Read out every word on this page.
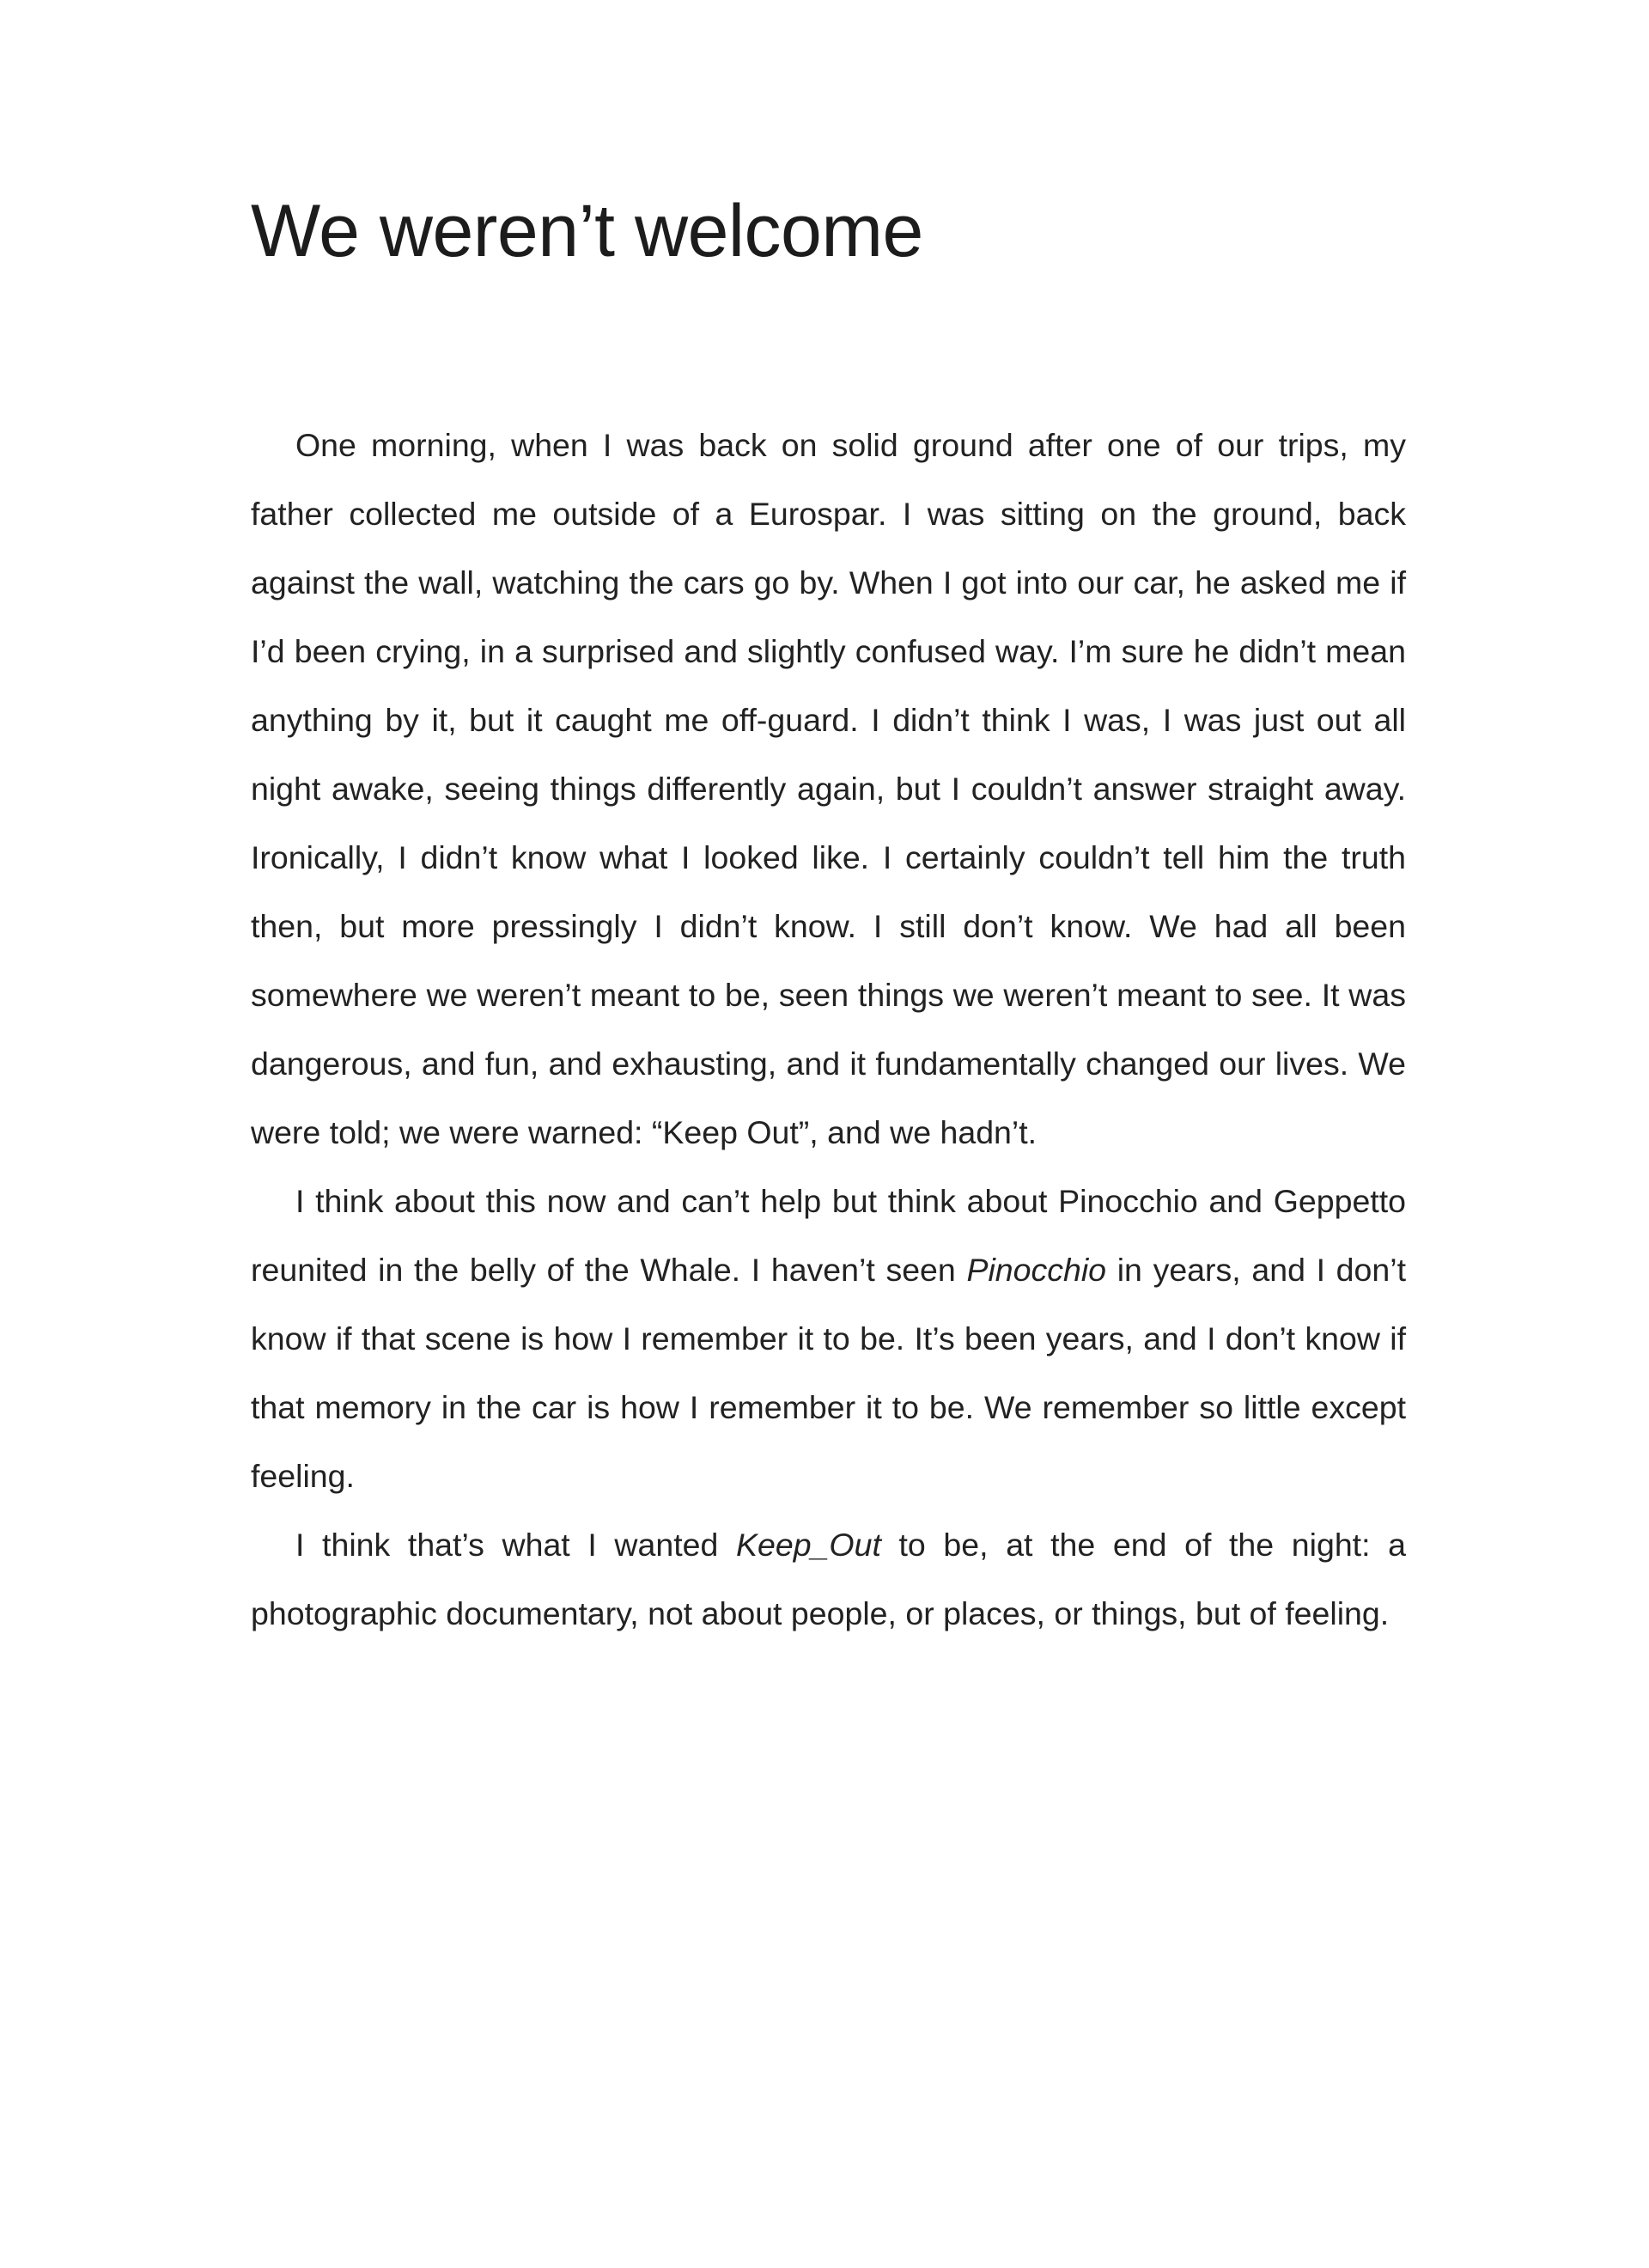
We weren’t welcome

One morning, when I was back on solid ground after one of our trips, my father collected me outside of a Eurospar. I was sitting on the ground, back against the wall, watching the cars go by. When I got into our car, he asked me if I’d been crying, in a surprised and slightly confused way. I’m sure he didn’t mean anything by it, but it caught me off-guard. I didn’t think I was, I was just out all night awake, seeing things differently again, but I couldn’t answer straight away. Ironically, I didn’t know what I looked like. I certainly couldn’t tell him the truth then, but more pressingly I didn’t know. I still don’t know. We had all been somewhere we weren’t meant to be, seen things we weren’t meant to see. It was dangerous, and fun, and exhausting, and it fundamentally changed our lives. We were told; we were warned: “Keep Out”, and we hadn’t.

I think about this now and can’t help but think about Pinocchio and Geppetto reunited in the belly of the Whale. I haven’t seen Pinocchio in years, and I don’t know if that scene is how I remember it to be. It’s been years, and I don’t know if that memory in the car is how I remember it to be. We remember so little except feeling.

I think that’s what I wanted Keep_Out to be, at the end of the night: a photographic documentary, not about people, or places, or things, but of feeling.
